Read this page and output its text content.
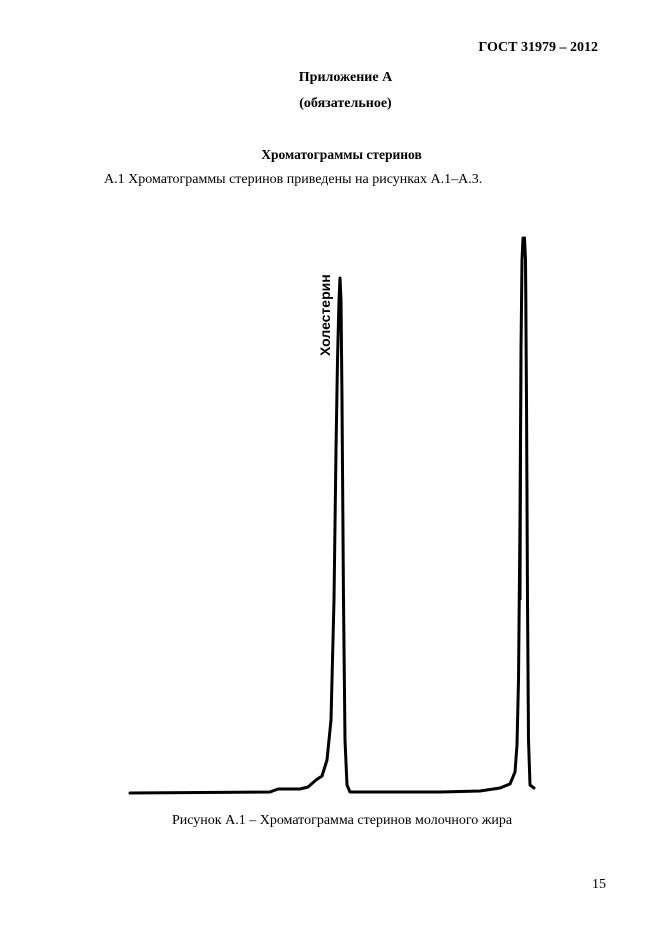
ГОСТ 31979 – 2012
Приложение А
(обязательное)
Хроматограммы стеринов
А.1 Хроматограммы стеринов приведены на рисунках А.1–А.3.
Холестерин
Рисунок А.1 – Хроматограмма стеринов молочного жира
15
